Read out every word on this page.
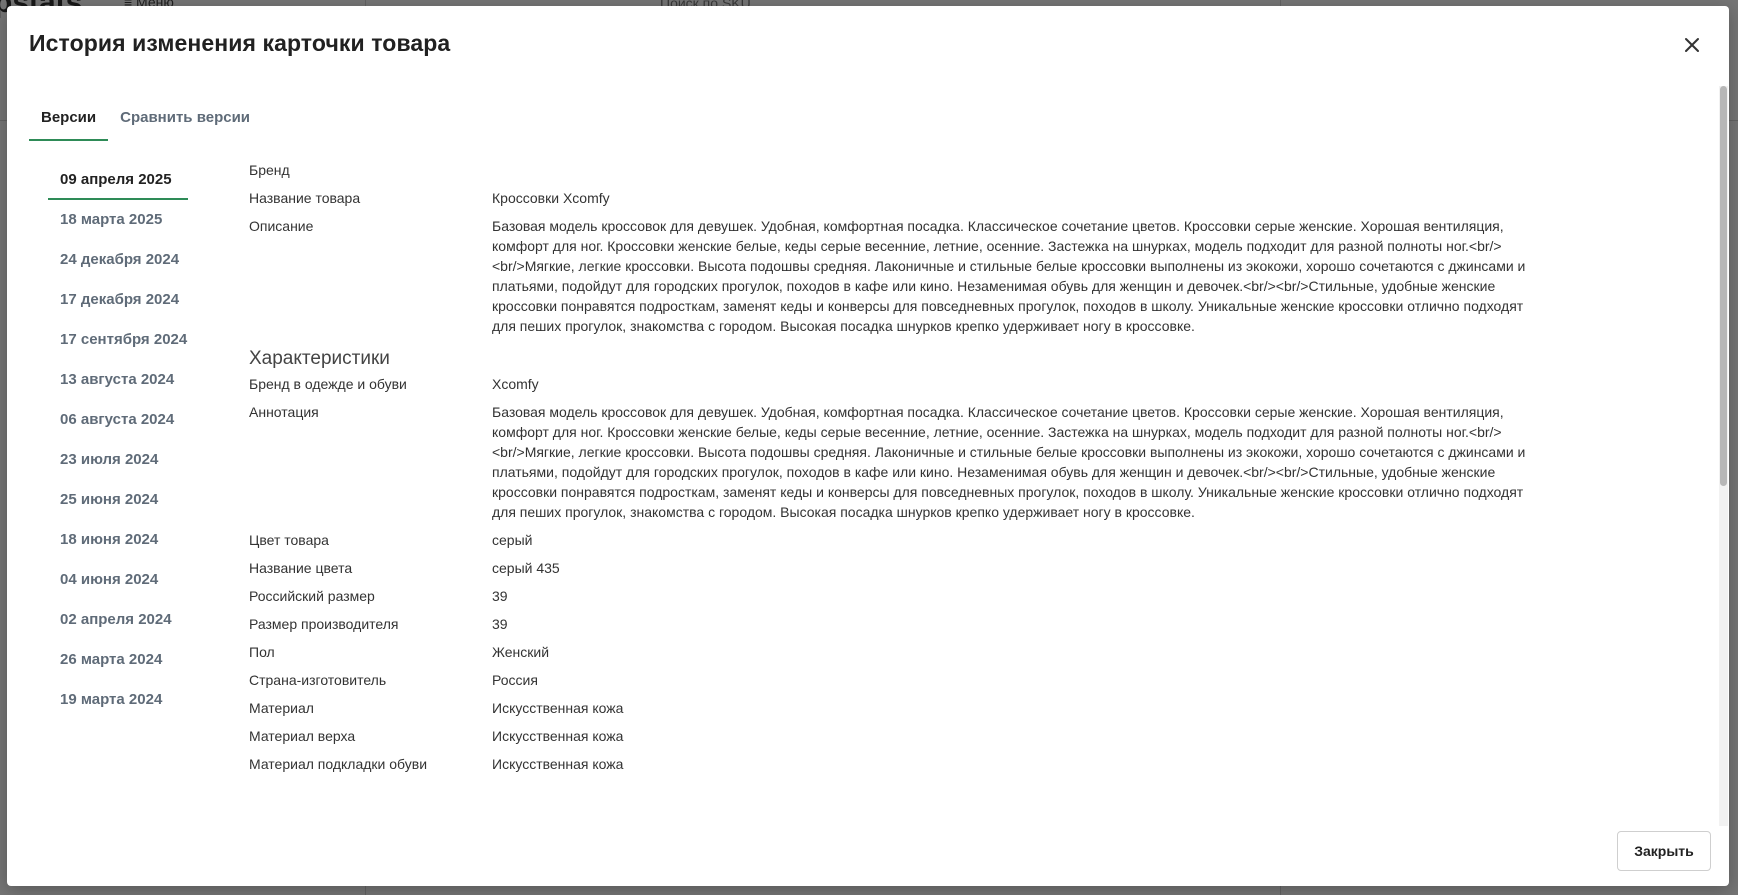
История изменения карточки товара
Версии	Сравнить версии
09 апреля 2025
18 марта 2025
24 декабря 2024
17 декабря 2024
17 сентября 2024
13 августа 2024
06 августа 2024
23 июля 2024
25 июня 2024
18 июня 2024
04 июня 2024
02 апреля 2024
26 марта 2024
19 марта 2024
Бренд
Название товара	Кроссовки Xcomfy
Описание	Базовая модель кроссовок для девушек. Удобная, комфортная посадка. Классическое сочетание цветов. Кроссовки серые женские. Хорошая вентиляция, комфорт для ног. Кроссовки женские белые, кеды серые весенние, летние, осенние. Застежка на шнурках, модель подходит для разной полноты ног.<br/><br/>Мягкие, легкие кроссовки. Высота подошвы средняя. Лаконичные и стильные белые кроссовки выполнены из экокожи, хорошо сочетаются с джинсами и платьями, подойдут для городских прогулок, походов в кафе или кино. Незаменимая обувь для женщин и девочек.<br/><br/>Стильные, удобные женские кроссовки понравятся подросткам, заменят кеды и конверсы для повседневных прогулок, походов в школу. Уникальные женские кроссовки отлично подходят для пеших прогулок, знакомства с городом. Высокая посадка шнурков крепко удерживает ногу в кроссовке.
Характеристики
Бренд в одежде и обуви	Xcomfy
Аннотация	Базовая модель кроссовок для девушек. Удобная, комфортная посадка. Классическое сочетание цветов. Кроссовки серые женские. Хорошая вентиляция, комфорт для ног. Кроссовки женские белые, кеды серые весенние, летние, осенние. Застежка на шнурках, модель подходит для разной полноты ног.<br/><br/>Мягкие, легкие кроссовки. Высота подошвы средняя. Лаконичные и стильные белые кроссовки выполнены из экокожи, хорошо сочетаются с джинсами и платьями, подойдут для городских прогулок, походов в кафе или кино. Незаменимая обувь для женщин и девочек.<br/><br/>Стильные, удобные женские кроссовки понравятся подросткам, заменят кеды и конверсы для повседневных прогулок, походов в школу. Уникальные женские кроссовки отлично подходят для пеших прогулок, знакомства с городом. Высокая посадка шнурков крепко удерживает ногу в кроссовке.
Цвет товара	серый
Название цвета	серый 435
Российский размер	39
Размер производителя	39
Пол	Женский
Страна-изготовитель	Россия
Материал	Искусственная кожа
Материал верха	Искусственная кожа
Материал подкладки обуви	Искусственная кожа
Закрыть
